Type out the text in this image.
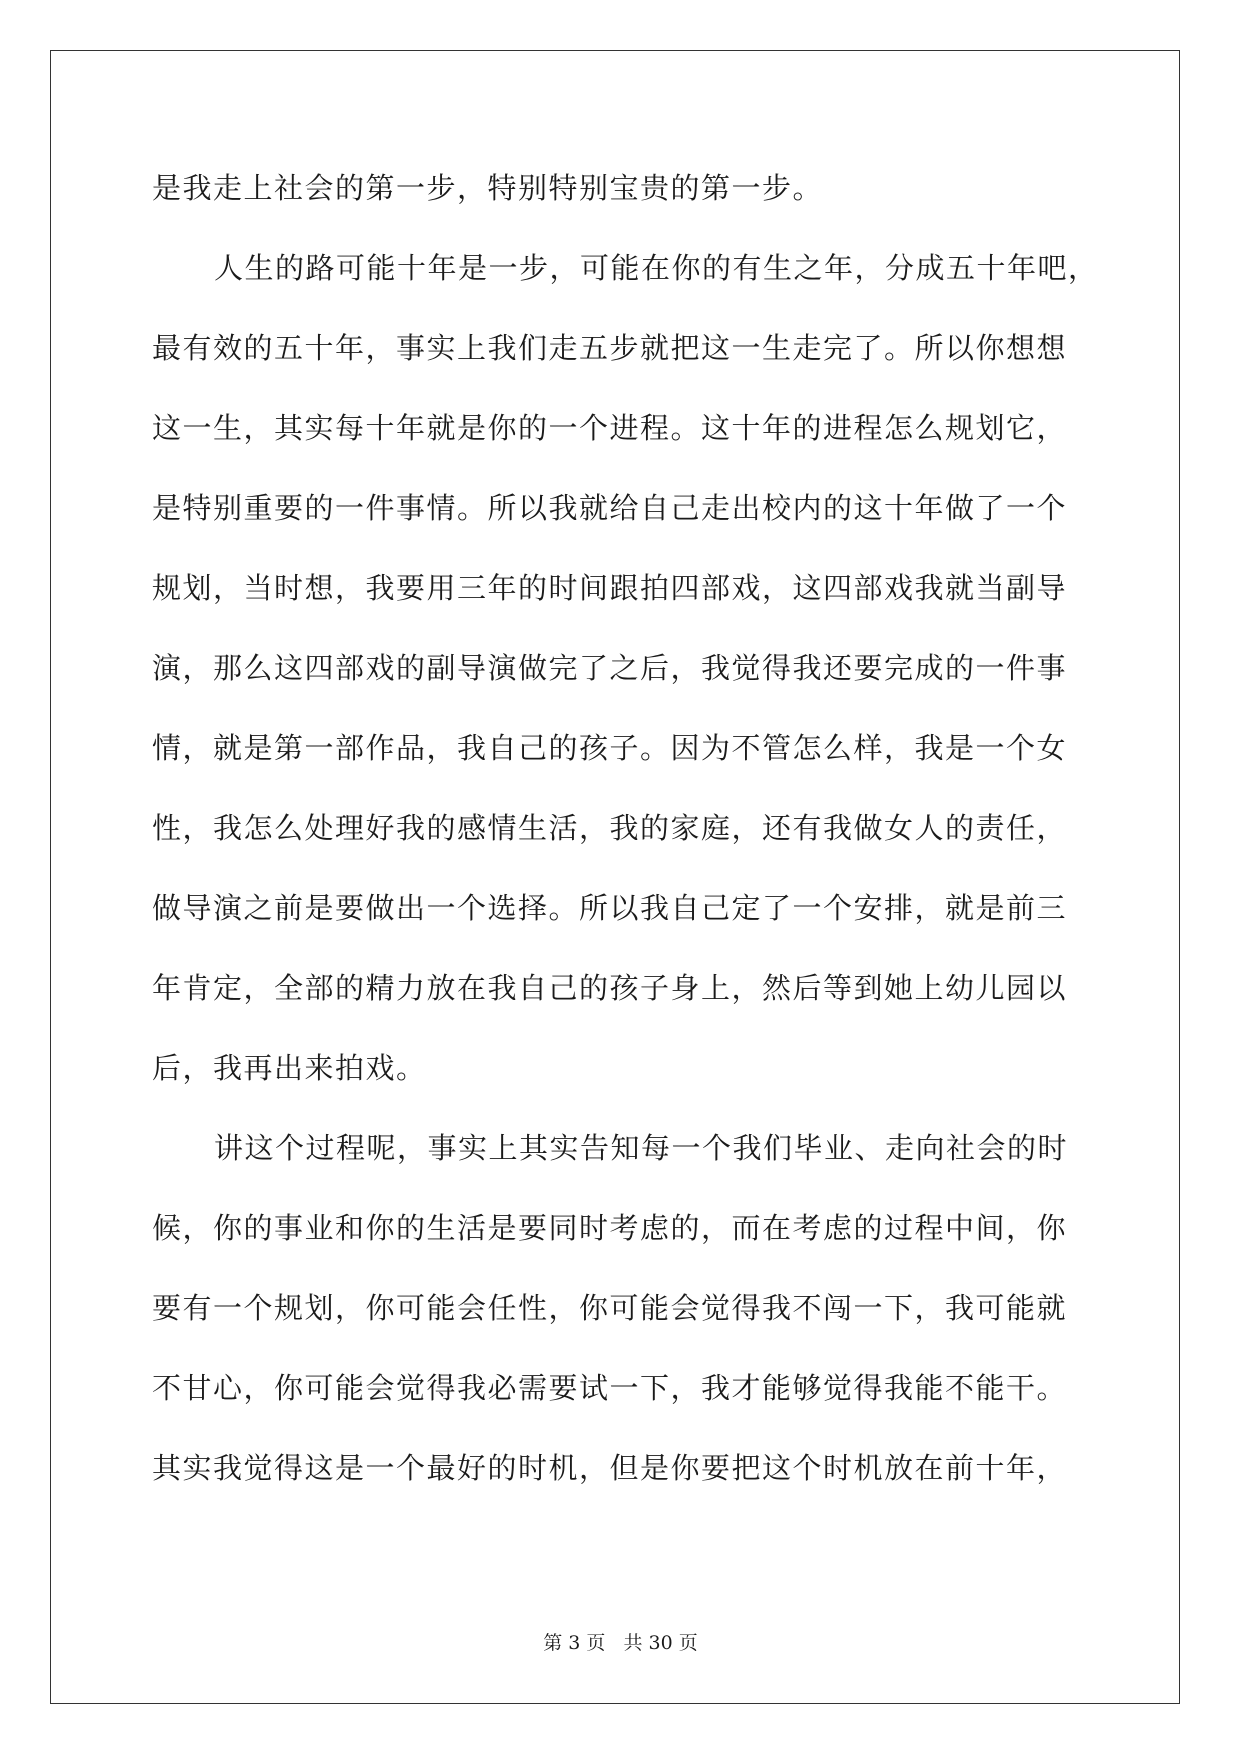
是我走上社会的第一步，特别特别宝贵的第一步。
人生的路可能十年是一步，可能在你的有生之年，分成五十年吧，
最有效的五十年，事实上我们走五步就把这一生走完了。所以你想想
这一生，其实每十年就是你的一个进程。这十年的进程怎么规划它，
是特别重要的一件事情。所以我就给自己走出校内的这十年做了一个
规划，当时想，我要用三年的时间跟拍四部戏，这四部戏我就当副导
演，那么这四部戏的副导演做完了之后，我觉得我还要完成的一件事
情，就是第一部作品，我自己的孩子。因为不管怎么样，我是一个女
性，我怎么处理好我的感情生活，我的家庭，还有我做女人的责任，
做导演之前是要做出一个选择。所以我自己定了一个安排，就是前三
年肯定，全部的精力放在我自己的孩子身上，然后等到她上幼儿园以
后，我再出来拍戏。
讲这个过程呢，事实上其实告知每一个我们毕业、走向社会的时
候，你的事业和你的生活是要同时考虑的，而在考虑的过程中间，你
要有一个规划，你可能会任性，你可能会觉得我不闯一下，我可能就
不甘心，你可能会觉得我必需要试一下，我才能够觉得我能不能干。
其实我觉得这是一个最好的时机，但是你要把这个时机放在前十年，
第 3 页   共 30 页
